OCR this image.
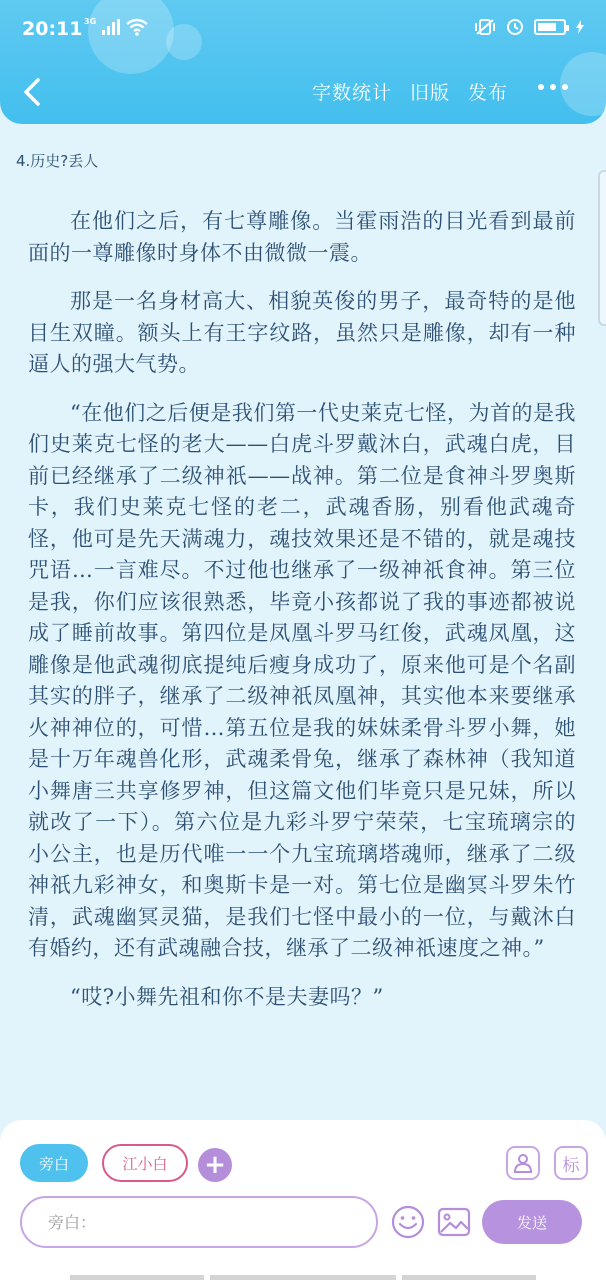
20:11 3G
字数统计 旧版 发布
4.历史?丢人

在他们之后，有七尊雕像。当霍雨浩的目光看到最前面的一尊雕像时身体不由微微一震。

那是一名身材高大、相貌英俊的男子，最奇特的是他目生双瞳。额头上有王字纹路，虽然只是雕像，却有一种逼人的强大气势。

“在他们之后便是我们第一代史莱克七怪，为首的是我们史莱克七怪的老大——白虎斗罗戴沐白，武魂白虎，目前已经继承了二级神祇——战神。第二位是食神斗罗奥斯卡，我们史莱克七怪的老二，武魂香肠，别看他武魂奇怪，他可是先天满魂力，魂技效果还是不错的，就是魂技咒语…一言难尽。不过他也继承了一级神祇食神。第三位是我，你们应该很熟悉，毕竟小孩都说了我的事迹都被说成了睡前故事。第四位是凤凰斗罗马红俊，武魂凤凰，这雕像是他武魂彻底提纯后瘦身成功了，原来他可是个名副其实的胖子，继承了二级神祇凤凰神，其实他本来要继承火神神位的，可惜…第五位是我的妹妹柔骨斗罗小舞，她是十万年魂兽化形，武魂柔骨兔，继承了森林神（我知道小舞唐三共享修罗神，但这篇文他们毕竟只是兄妹，所以就改了一下）。第六位是九彩斗罗宁荣荣，七宝琉璃宗的小公主，也是历代唯一一个九宝琉璃塔魂师，继承了二级神祇九彩神女，和奥斯卡是一对。第七位是幽冥斗罗朱竹清，武魂幽冥灵猫，是我们七怪中最小的一位，与戴沐白有婚约，还有武魂融合技，继承了二级神祇速度之神。”

“哎?小舞先祖和你不是夫妻吗？”

旁白	江小白	+	标
旁白：
发送
